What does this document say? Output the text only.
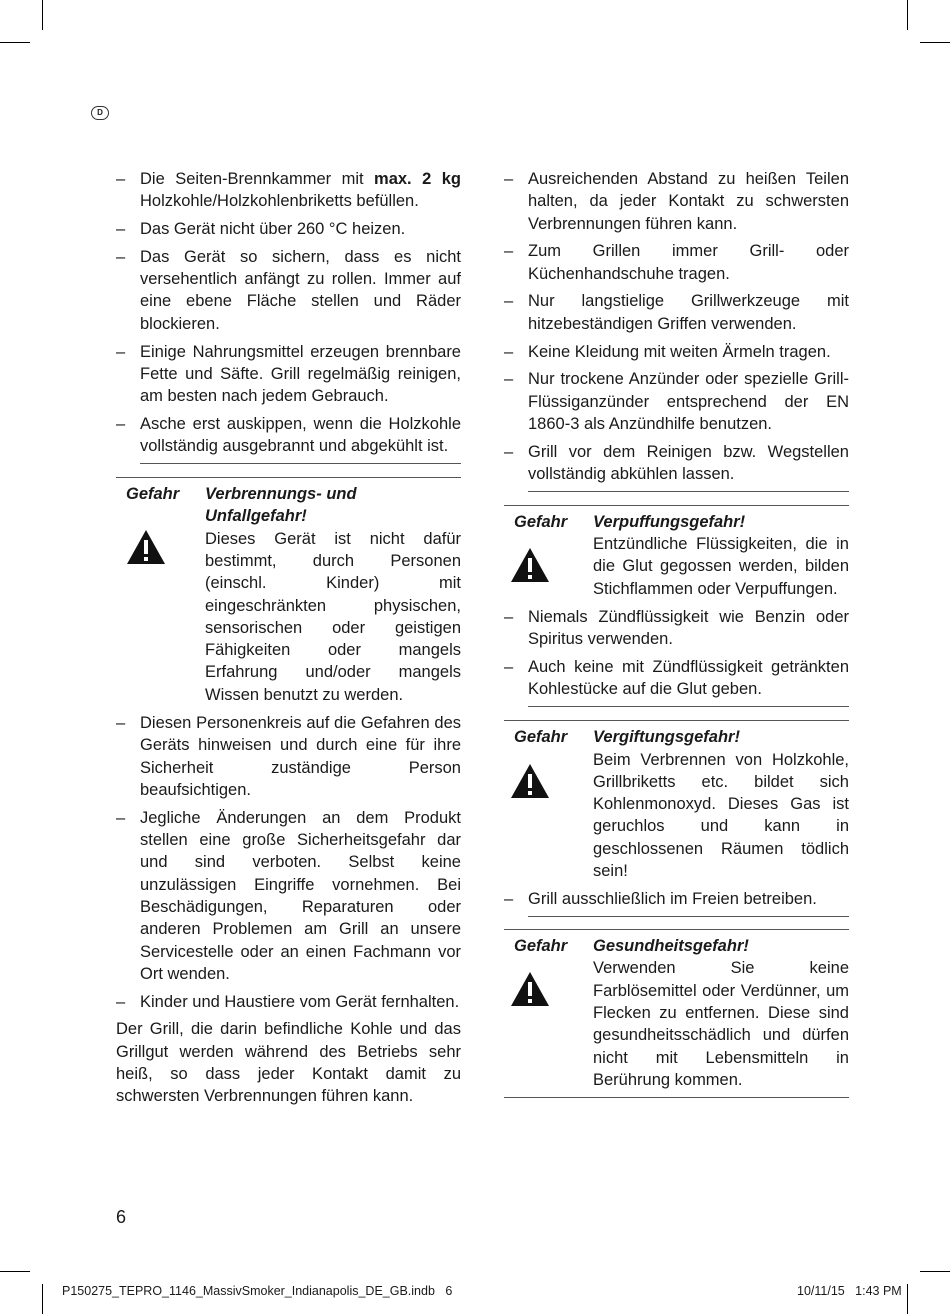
D
– Die Seiten-Brennkammer mit max. 2 kg Holzkohle/Holzkohlenbriketts befüllen.
– Das Gerät nicht über 260 °C heizen.
– Das Gerät so sichern, dass es nicht versehentlich anfängt zu rollen. Immer auf eine ebene Fläche stellen und Räder blockieren.
– Einige Nahrungsmittel erzeugen brennbare Fette und Säfte. Grill regelmäßig reinigen, am besten nach jedem Gebrauch.
– Asche erst auskippen, wenn die Holzkohle vollständig ausgebrannt und abgekühlt ist.
Gefahr	Verbrennungs- und Unfallgefahr!
Dieses Gerät ist nicht dafür bestimmt, durch Personen (einschl. Kinder) mit eingeschränkten physischen, sensorischen oder geistigen Fähigkeiten oder mangels Erfahrung und/oder mangels Wissen benutzt zu werden.
– Diesen Personenkreis auf die Gefahren des Geräts hinweisen und durch eine für ihre Sicherheit zuständige Person beaufsichtigen.
– Jegliche Änderungen an dem Produkt stellen eine große Sicherheitsgefahr dar und sind verboten. Selbst keine unzulässigen Eingriffe vornehmen. Bei Beschädigungen, Reparaturen oder anderen Problemen am Grill an unsere Servicestelle oder an einen Fachmann vor Ort wenden.
– Kinder und Haustiere vom Gerät fernhalten.

Der Grill, die darin befindliche Kohle und das Grillgut werden während des Betriebs sehr heiß, so dass jeder Kontakt damit zu schwersten Verbrennungen führen kann.

– Ausreichenden Abstand zu heißen Teilen halten, da jeder Kontakt zu schwersten Verbrennungen führen kann.
– Zum Grillen immer Grill- oder Küchenhandschuhe tragen.
– Nur langstielige Grillwerkzeuge mit hitzebeständigen Griffen verwenden.
– Keine Kleidung mit weiten Ärmeln tragen.
– Nur trockene Anzünder oder spezielle Grill-Flüssiganzünder entsprechend der EN 1860-3 als Anzündhilfe benutzen.
– Grill vor dem Reinigen bzw. Wegstellen vollständig abkühlen lassen.
Gefahr	Verpuffungsgefahr!
Entzündliche Flüssigkeiten, die in die Glut gegossen werden, bilden Stichflammen oder Verpuffungen.
– Niemals Zündflüssigkeit wie Benzin oder Spiritus verwenden.
– Auch keine mit Zündflüssigkeit getränkten Kohlestücke auf die Glut geben.
Gefahr	Vergiftungsgefahr!
Beim Verbrennen von Holzkohle, Grillbriketts etc. bildet sich Kohlenmonoxyd. Dieses Gas ist geruchlos und kann in geschlossenen Räumen tödlich sein!
– Grill ausschließlich im Freien betreiben.
Gefahr	Gesundheitsgefahr!
Verwenden Sie keine Farblösemittel oder Verdünner, um Flecken zu entfernen. Diese sind gesundheitsschädlich und dürfen nicht mit Lebensmitteln in Berührung kommen.
6
P150275_TEPRO_1146_MassivSmoker_Indianapolis_DE_GB.indb   6	10/11/15   1:43 PM
